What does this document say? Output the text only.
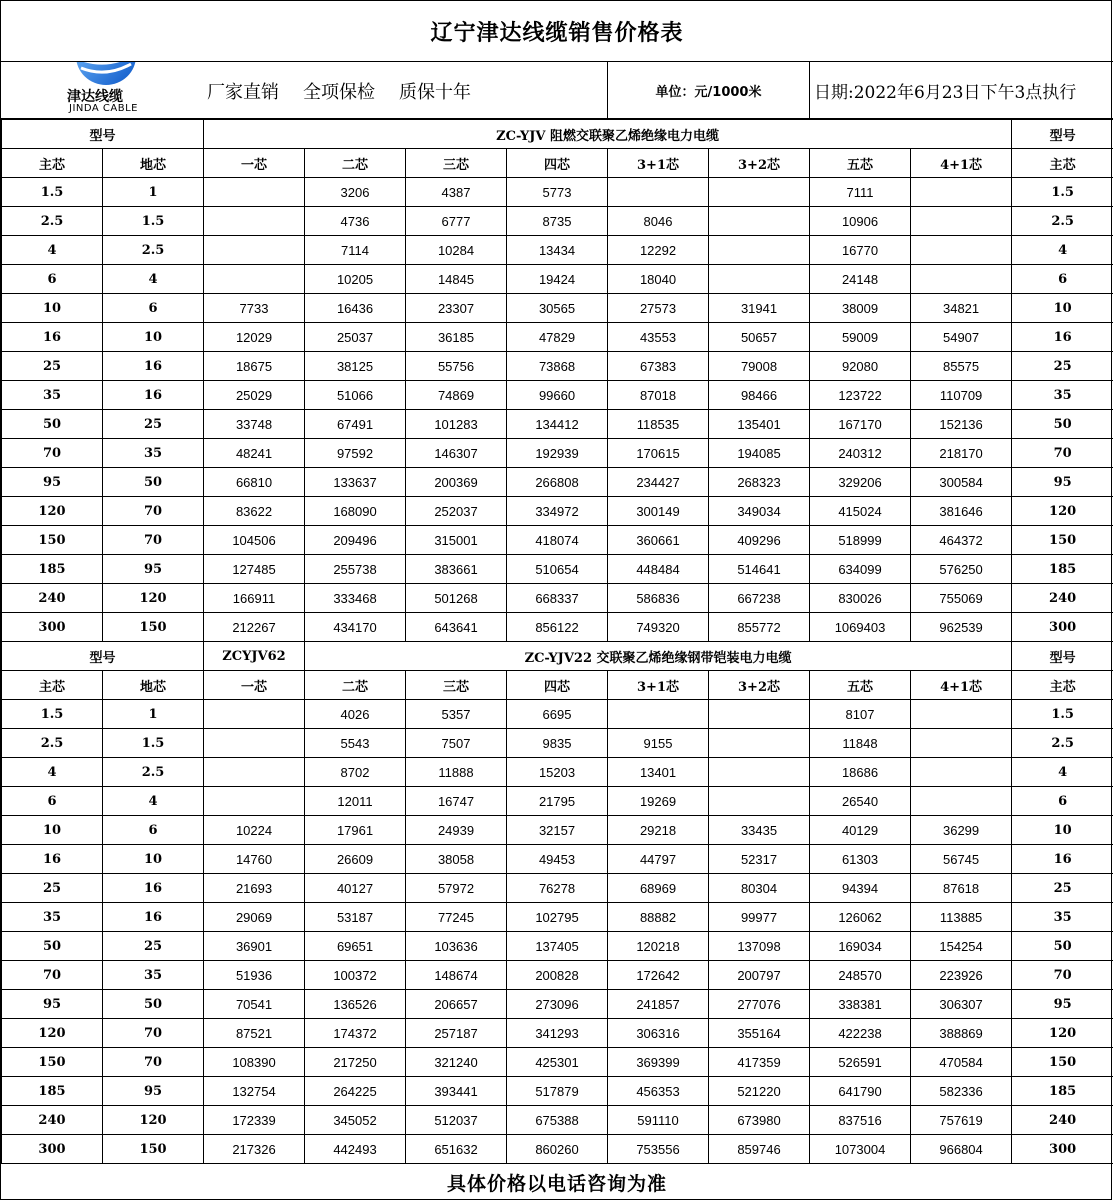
辽宁津达线缆销售价格表
津达线缆
JINDA CABLE
厂家直销 全项保检 质保十年	单位：元/1000米	日期:2022年6月23日下午3点执行
型号		ZC-YJV 阻燃交联聚乙烯绝缘电力电缆								型号
主芯	地芯	一芯	二芯	三芯	四芯	3+1芯	3+2芯	五芯	4+1芯	主芯
1.5	1		3206	4387	5773			7111		1.5
2.5	1.5		4736	6777	8735	8046		10906		2.5
4	2.5		7114	10284	13434	12292		16770		4
6	4		10205	14845	19424	18040		24148		6
10	6	7733	16436	23307	30565	27573	31941	38009	34821	10
16	10	12029	25037	36185	47829	43553	50657	59009	54907	16
25	16	18675	38125	55756	73868	67383	79008	92080	85575	25
35	16	25029	51066	74869	99660	87018	98466	123722	110709	35
50	25	33748	67491	101283	134412	118535	135401	167170	152136	50
70	35	48241	97592	146307	192939	170615	194085	240312	218170	70
95	50	66810	133637	200369	266808	234427	268323	329206	300584	95
120	70	83622	168090	252037	334972	300149	349034	415024	381646	120
150	70	104506	209496	315001	418074	360661	409296	518999	464372	150
185	95	127485	255738	383661	510654	448484	514641	634099	576250	185
240	120	166911	333468	501268	668337	586836	667238	830026	755069	240
300	150	212267	434170	643641	856122	749320	855772	1069403	962539	300
型号		ZCYJV62	ZC-YJV22 交联聚乙烯绝缘钢带铠装电力电缆							型号
主芯	地芯	一芯	二芯	三芯	四芯	3+1芯	3+2芯	五芯	4+1芯	主芯
1.5	1		4026	5357	6695			8107		1.5
2.5	1.5		5543	7507	9835	9155		11848		2.5
4	2.5		8702	11888	15203	13401		18686		4
6	4		12011	16747	21795	19269		26540		6
10	6	10224	17961	24939	32157	29218	33435	40129	36299	10
16	10	14760	26609	38058	49453	44797	52317	61303	56745	16
25	16	21693	40127	57972	76278	68969	80304	94394	87618	25
35	16	29069	53187	77245	102795	88882	99977	126062	113885	35
50	25	36901	69651	103636	137405	120218	137098	169034	154254	50
70	35	51936	100372	148674	200828	172642	200797	248570	223926	70
95	50	70541	136526	206657	273096	241857	277076	338381	306307	95
120	70	87521	174372	257187	341293	306316	355164	422238	388869	120
150	70	108390	217250	321240	425301	369399	417359	526591	470584	150
185	95	132754	264225	393441	517879	456353	521220	641790	582336	185
240	120	172339	345052	512037	675388	591110	673980	837516	757619	240
300	150	217326	442493	651632	860260	753556	859746	1073004	966804	300
具体价格以电话咨询为准
